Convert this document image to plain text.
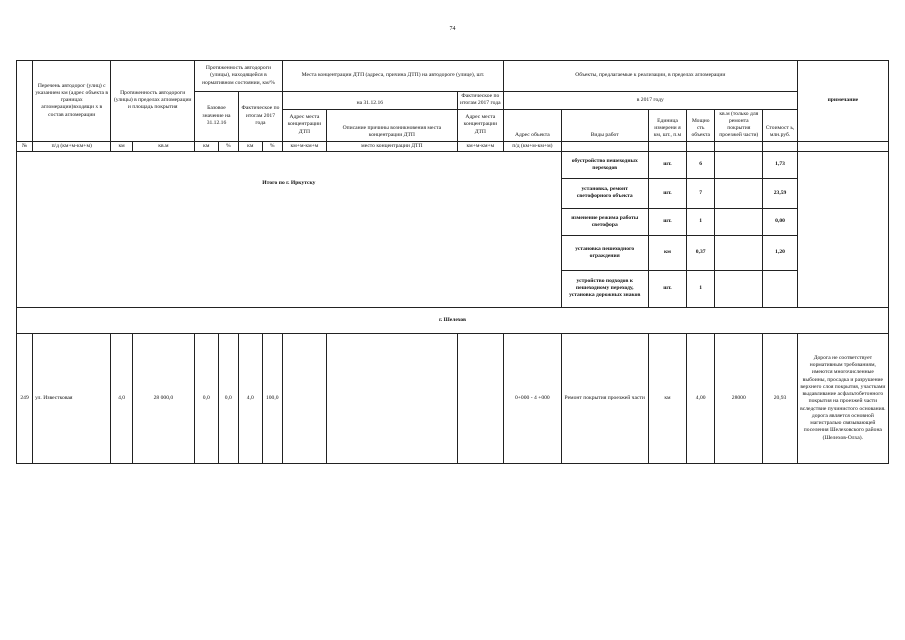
74
	Перечень автодорог (улиц) с указанием км (адрес объекта в границах агломерации)входящи х в состав агломерации	Протяженность автодороги (улицы) в пределах агломерации и площадь покрытия		Протяженность автодороги (улицы), находящейся в нормативном состоянии, км/%				Места концентрации ДТП (адреса, причина ДТП) на автодороге (улице), шт.			Объекты, предлагаемые к реализации, в пределах агломерации						примечание
				Базовое значение на 31.12.16		Фактическое по итогам 2017 года		на 31.12.16		Фактическое по итогам 2017 года	в 2017 году						
								Адрес места концентрации ДТП	Описание причины возникновения места концентрации ДТП	Адрес места концентрации ДТП	Адрес объекта	Виды работ	Единица измерени я км, шт., п.м	Мощно сть объекта	кв.м (только для ремонта покрытия проезжей части)	Стоимост ь, млн.руб.	
№	п/д (км+м-км+м)	км	кв.м	км	%	км	%	км+м-км+м	место концентрации ДТП	км+м-км+м	п/д (км+м-км+м)						
Итого по г. Иркутску												обустройство пешеходных переходов	шт.	6		1,73	
												установка, ремонт светофорного объекта	шт.	7		23,59	
												изменение режима работы светофора	шт.	1		0,00	
												установка пешеходного ограждения	км	0,37		1,20	
												устройство подходов к пешеходному переходу, установка дорожных знаков	шт.	1			
г. Шелехов																	
249	ул. Известковая	4,0	28 000,0	0,0	0,0	4,0	100,0				0+000 - 4 +000	Ремонт покрытия проезжей части	км	4,00	28000	20,93	Дорога не соответствует нормативным требованиям, имеются многочисленные выбоины, просадка и разрушение верхнего слоя покрытия, участками выдавливание асфальтобетонного покрытия на проезжей части вследствие пучинистого основания. дорога является основной магистралью связывающей поселения Шелеховского района (Шелехов-Олха).
